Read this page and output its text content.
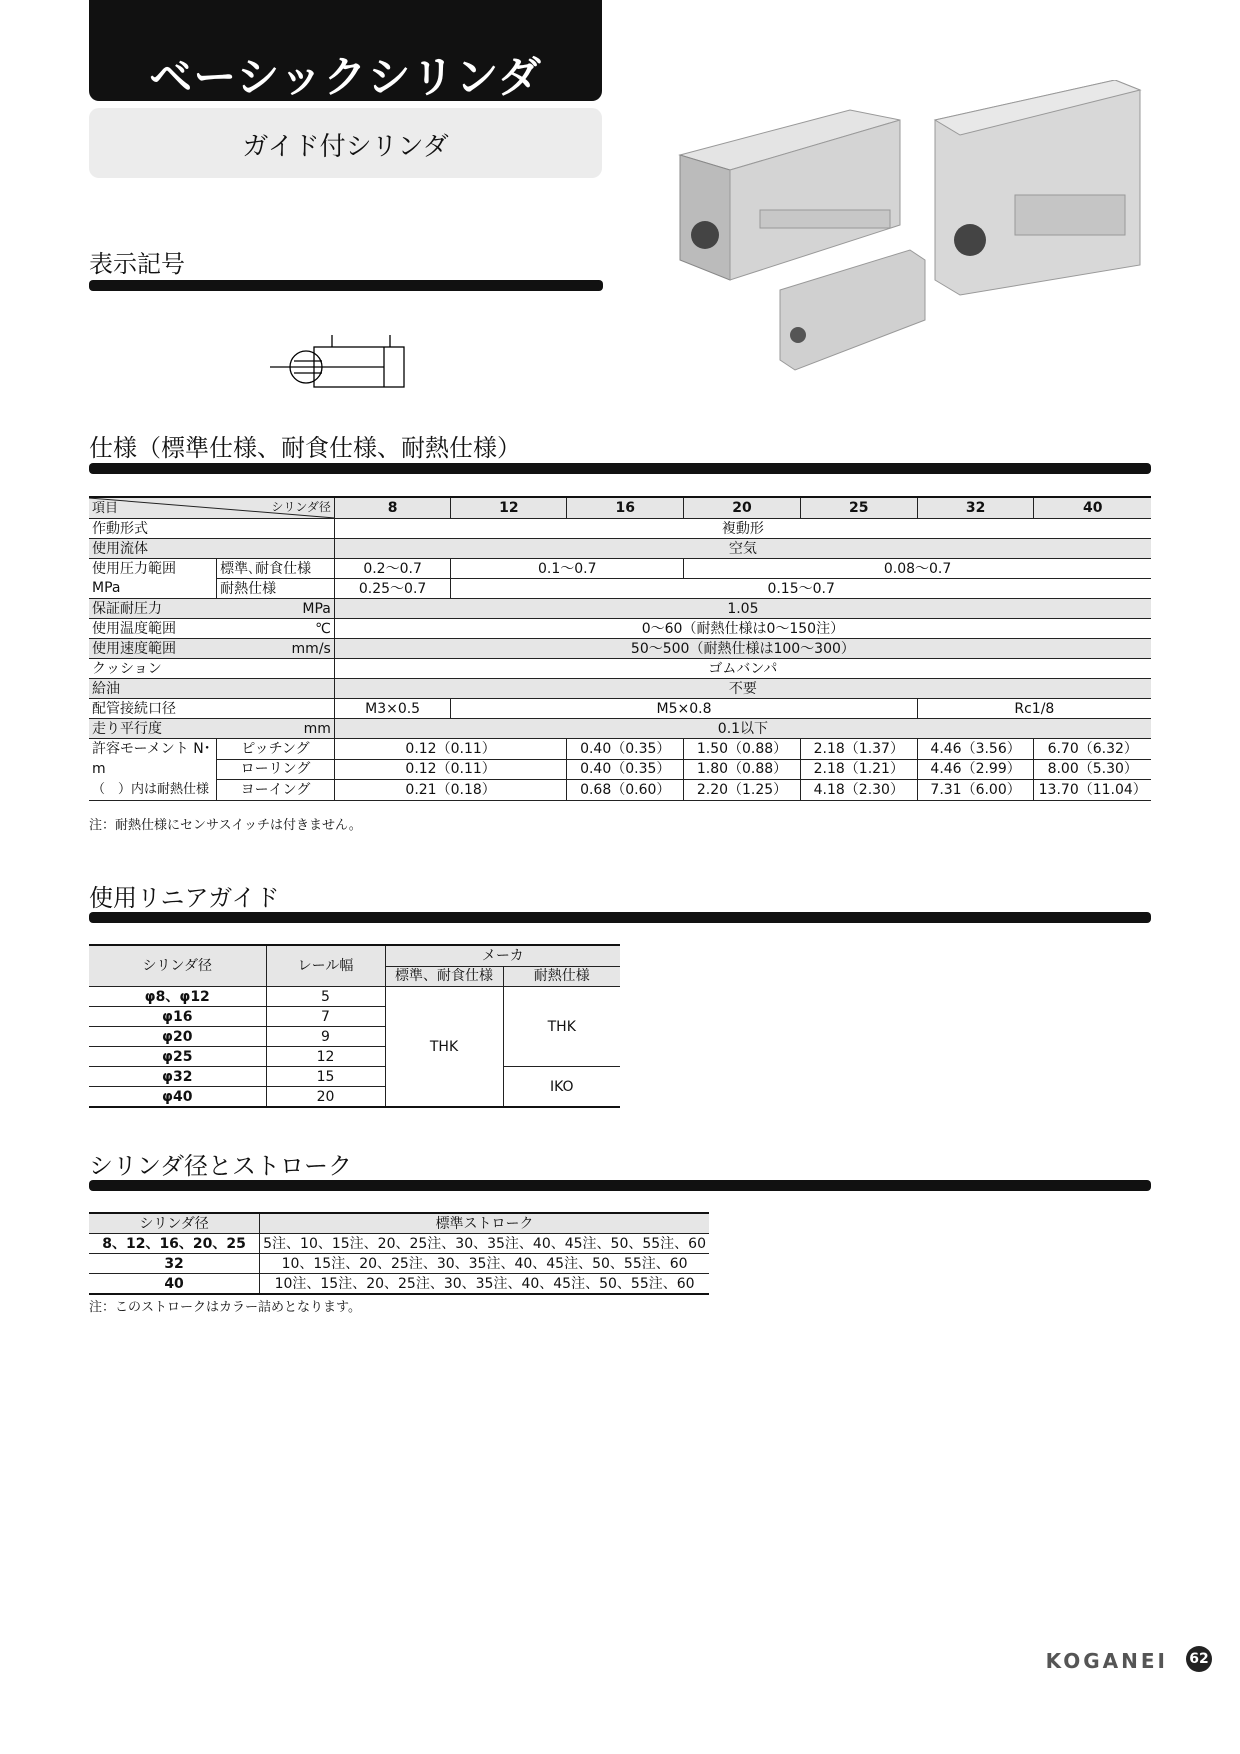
ベーシックシリンダ
ガイド付シリンダ
表示記号
仕様（標準仕様、耐食仕様、耐熱仕様）
項目 シリンダ径		8	12	16	20	25	32	40
作動形式		複動形						
使用流体		空気						
使用圧力範囲	標準､耐食仕様	0.2～0.7	0.1～0.7		0.08～0.7			
MPa	耐熱仕様	0.25～0.7	0.15～0.7					
保証耐圧力	MPa	1.05						
使用温度範囲	℃	0～60（耐熱仕様は0～150注）						
使用速度範囲	mm/s	50～500（耐熱仕様は100～300）						
クッション		ゴムバンパ						
給油		不要						
配管接続口径		M3×0.5	M5×0.8				Rc1/8	
走り平行度	mm	0.1以下						
許容モーメント N･m
（　）内は耐熱仕様	ピッチング	0.12（0.11）		0.40（0.35）	1.50（0.88）	2.18（1.37）	4.46（3.56）	6.70（6.32）
	ローリング	0.12（0.11）		0.40（0.35）	1.80（0.88）	2.18（1.21）	4.46（2.99）	8.00（5.30）
	ヨーイング	0.21（0.18）		0.68（0.60）	2.20（1.25）	4.18（2.30）	7.31（6.00）	13.70（11.04）
注：耐熱仕様にセンサスイッチは付きません。
使用リニアガイド
シリンダ径	レール幅	メーカ	
		標準、耐食仕様	耐熱仕様
φ8、φ12	5	THK	THK
φ16	7		
φ20	9		
φ25	12		
φ32	15		IKO
φ40	20		
シリンダ径とストローク
シリンダ径	標準ストローク
8、12、16、20、25	5注、10、15注、20、25注、30、35注、40、45注、50、55注、60
32	10、15注、20、25注、30、35注、40、45注、50、55注、60
40	10注、15注、20、25注、30、35注、40、45注、50、55注、60
注：このストロークはカラー詰めとなります。
KOGANEI 62
